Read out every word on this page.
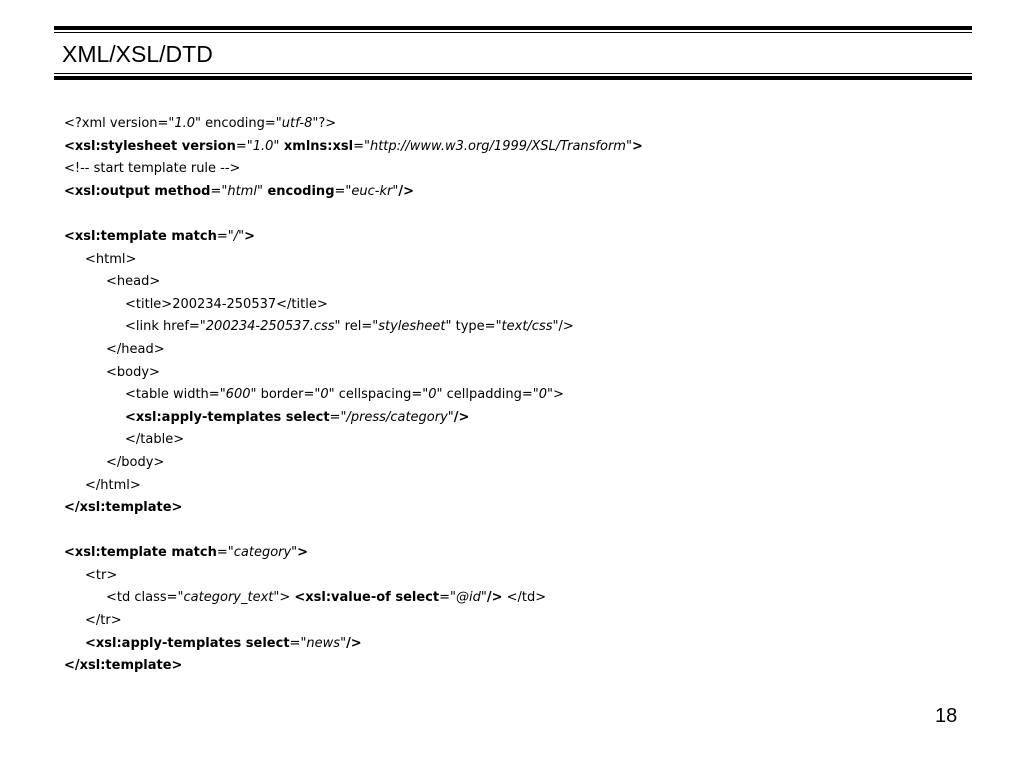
XML/XSL/DTD
<?xml version="1.0" encoding="utf-8"?>
<xsl:stylesheet version="1.0" xmlns:xsl="http://www.w3.org/1999/XSL/Transform">
<!-- start template rule -->
<xsl:output method="html" encoding="euc-kr"/>
<xsl:template match="/">
<html>
<head>
<title>200234-250537</title>
<link href="200234-250537.css" rel="stylesheet" type="text/css"/>
</head>
<body>
<table width="600" border="0" cellspacing="0" cellpadding="0">
<xsl:apply-templates select="/press/category"/>
</table>
</body>
</html>
</xsl:template>
<xsl:template match="category">
<tr>
<td class="category_text"> <xsl:value-of select="@id"/> </td>
</tr>
<xsl:apply-templates select="news"/>
</xsl:template>
18
